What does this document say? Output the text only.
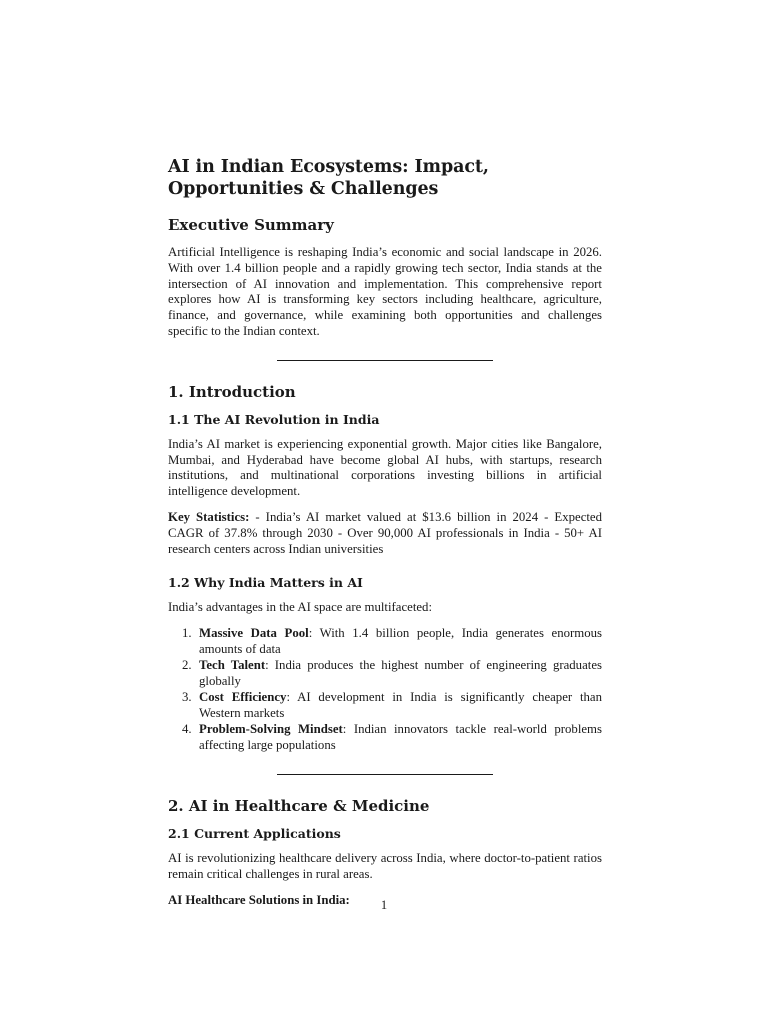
AI in Indian Ecosystems: Impact, Opportunities & Challenges
Executive Summary

Artificial Intelligence is reshaping India’s economic and social landscape in 2026. With over 1.4 billion people and a rapidly growing tech sector, India stands at the intersection of AI innovation and implementation. This comprehensive report explores how AI is transforming key sectors including healthcare, agriculture, finance, and governance, while examining both opportunities and challenges specific to the Indian context.

1. Introduction
1.1 The AI Revolution in India

India’s AI market is experiencing exponential growth. Major cities like Bangalore, Mumbai, and Hyderabad have become global AI hubs, with startups, research institutions, and multinational corporations investing billions in artificial intelligence development.

Key Statistics: - India’s AI market valued at $13.6 billion in 2024 - Expected CAGR of 37.8% through 2030 - Over 90,000 AI professionals in India - 50+ AI research centers across Indian universities

1.2 Why India Matters in AI

India’s advantages in the AI space are multifaceted:

1. Massive Data Pool: With 1.4 billion people, India generates enormous amounts of data
2. Tech Talent: India produces the highest number of engineering graduates globally
3. Cost Efficiency: AI development in India is significantly cheaper than Western markets
4. Problem-Solving Mindset: Indian innovators tackle real-world problems affecting large populations
2. AI in Healthcare & Medicine
2.1 Current Applications

AI is revolutionizing healthcare delivery across India, where doctor-to-patient ratios remain critical challenges in rural areas.

AI Healthcare Solutions in India:	1
